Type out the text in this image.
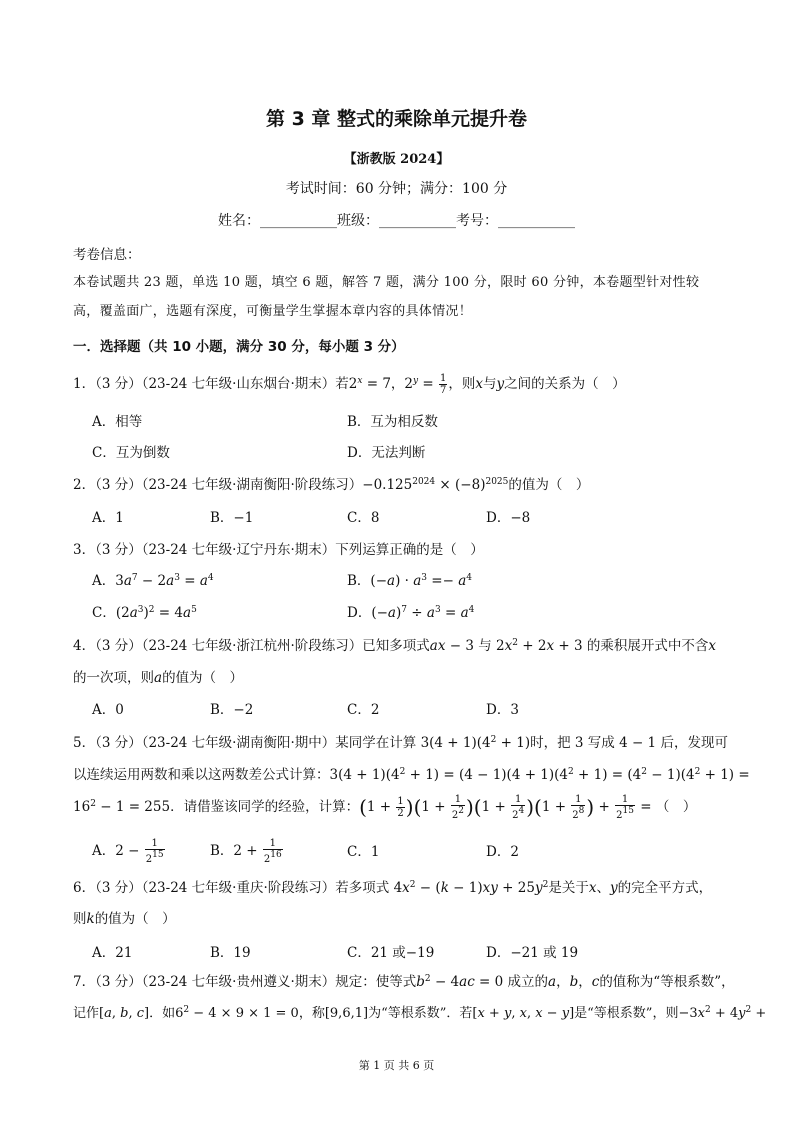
第 3 章 整式的乘除单元提升卷
【浙教版 2024】
考试时间：60 分钟；满分：100 分
姓名：___________班级：___________考号：___________
考卷信息：
本卷试题共 23 题，单选 10 题，填空 6 题，解答 7 题，满分 100 分，限时 60 分钟，本卷题型针对性较高，覆盖面广，选题有深度，可衡量学生掌握本章内容的具体情况！
一．选择题（共 10 小题，满分 30 分，每小题 3 分）
1．（3 分）（23-24 七年级·山东烟台·期末）若$2^x = 7$，$2^y = \frac{1}{7}$ ，则x与y之间的关系为（　）
A．相等	B．互为相反数
C．互为倒数	D．无法判断
2．（3 分）（23-24 七年级·湖南衡阳·阶段练习）$-0.125^{2024} \times (-8)^{2025}$的值为（　）
A．1	B．−1	C．8	D．−8
3．（3 分）（23-24 七年级·辽宁丹东·期末）下列运算正确的是（　）
A．$3a^7 - 2a^3 = a^4$	B．$(-a) \cdot a^3 =- a^4$
C．$(2a^3)^2 = 4a^5$	D．$(-a)^7 \div a^3 = a^4$
4．（3 分）（23-24 七年级·浙江杭州·阶段练习）已知多项式ax − 3 与 $2x^2 + 2x + 3$ 的乘积展开式中不含x
的一次项，则a的值为（　）
A．0	B．−2	C．2	D．3
5．（3 分）（23-24 七年级·湖南衡阳·期中）某同学在计算 $3(4 + 1)(4^2 + 1)$时，把 3 写成 4 − 1 后，发现可
以连续运用两数和乘以这两数差公式计算：$3(4 + 1)(4^2 + 1) = (4 - 1)(4 + 1)(4^2 + 1) = (4^2 - 1)(4^2 + 1)$ =
$16^2 - 1 = 255$．请借鉴该同学的经验，计算：$(1 + \frac{1}{2} )(1 + \frac{1}{2^2} )(1 + \frac{1}{2^4} )(1 + \frac{1}{2^8}$ ) + $\frac{1}{2^{15}}$ = （　）
A．$2 - \frac{1}{2^{15}}$	B．$2 + \frac{1}{2^{16}}$	C．1	D．2
6．（3 分）（23-24 七年级·重庆·阶段练习）若多项式 $4x^2 - (k - 1)xy + 25y^2$是关于x、y的完全平方式，
则k的值为（　）
A．21	B．19	C．21 或−19	D．−21 或 19
7．（3 分）（23-24 七年级·贵州遵义·期末）规定：使等式$b^2 - 4ac = 0$ 成立的a，b，c的值称为“等根系数”，
记作[a, b, c]．如$6^2 - 4 \times 9 \times 1 = 0$，称[9,6,1]为“等根系数”．若[x + y, x, x − y]是“等根系数”，则$-3x^2 + 4y^2$ +
第 1 页 共 6 页
